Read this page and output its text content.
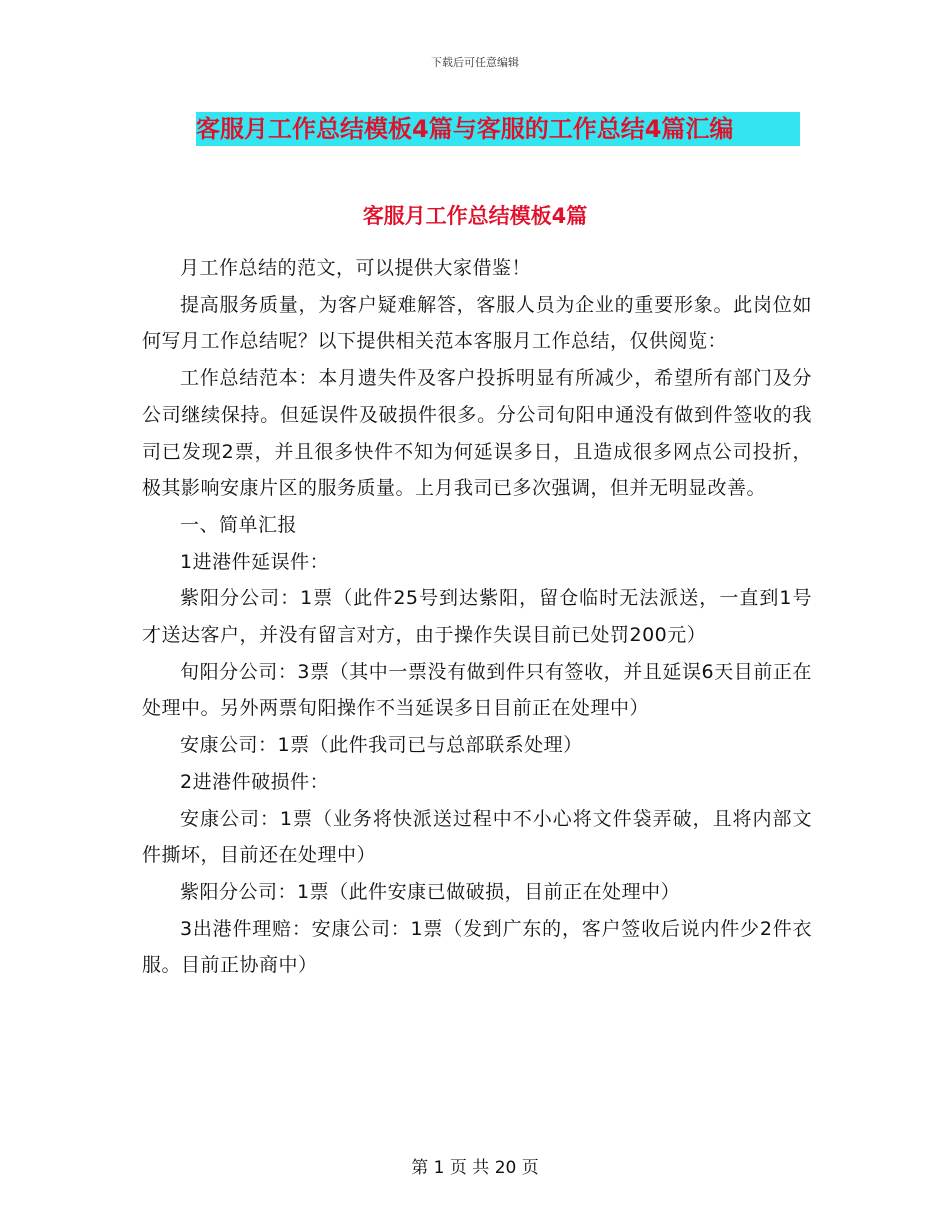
下载后可任意编辑
客服月工作总结模板4篇与客服的工作总结4篇汇编
客服月工作总结模板4篇

月工作总结的范文，可以提供大家借鉴！

提高服务质量，为客户疑难解答，客服人员为企业的重要形象。此岗位如何写月工作总结呢？以下提供相关范本客服月工作总结，仅供阅览：

工作总结范本：本月遗失件及客户投拆明显有所减少，希望所有部门及分公司继续保持。但延误件及破损件很多。分公司旬阳申通没有做到件签收的我司已发现2票，并且很多快件不知为何延误多日，且造成很多网点公司投折，极其影响安康片区的服务质量。上月我司已多次强调，但并无明显改善。

一、简单汇报

1进港件延误件：

紫阳分公司：1票（此件25号到达紫阳，留仓临时无法派送，一直到1号才送达客户，并没有留言对方，由于操作失误目前已处罚200元）

旬阳分公司：3票（其中一票没有做到件只有签收，并且延误6天目前正在处理中。另外两票旬阳操作不当延误多日目前正在处理中）

安康公司：1票（此件我司已与总部联系处理）

2进港件破损件：

安康公司：1票（业务将快派送过程中不小心将文件袋弄破，且将内部文件撕坏，目前还在处理中）

紫阳分公司：1票（此件安康已做破损，目前正在处理中）

3出港件理赔：安康公司：1票（发到广东的，客户签收后说内件少2件衣服。目前正协商中）

第 1 页 共 20 页
